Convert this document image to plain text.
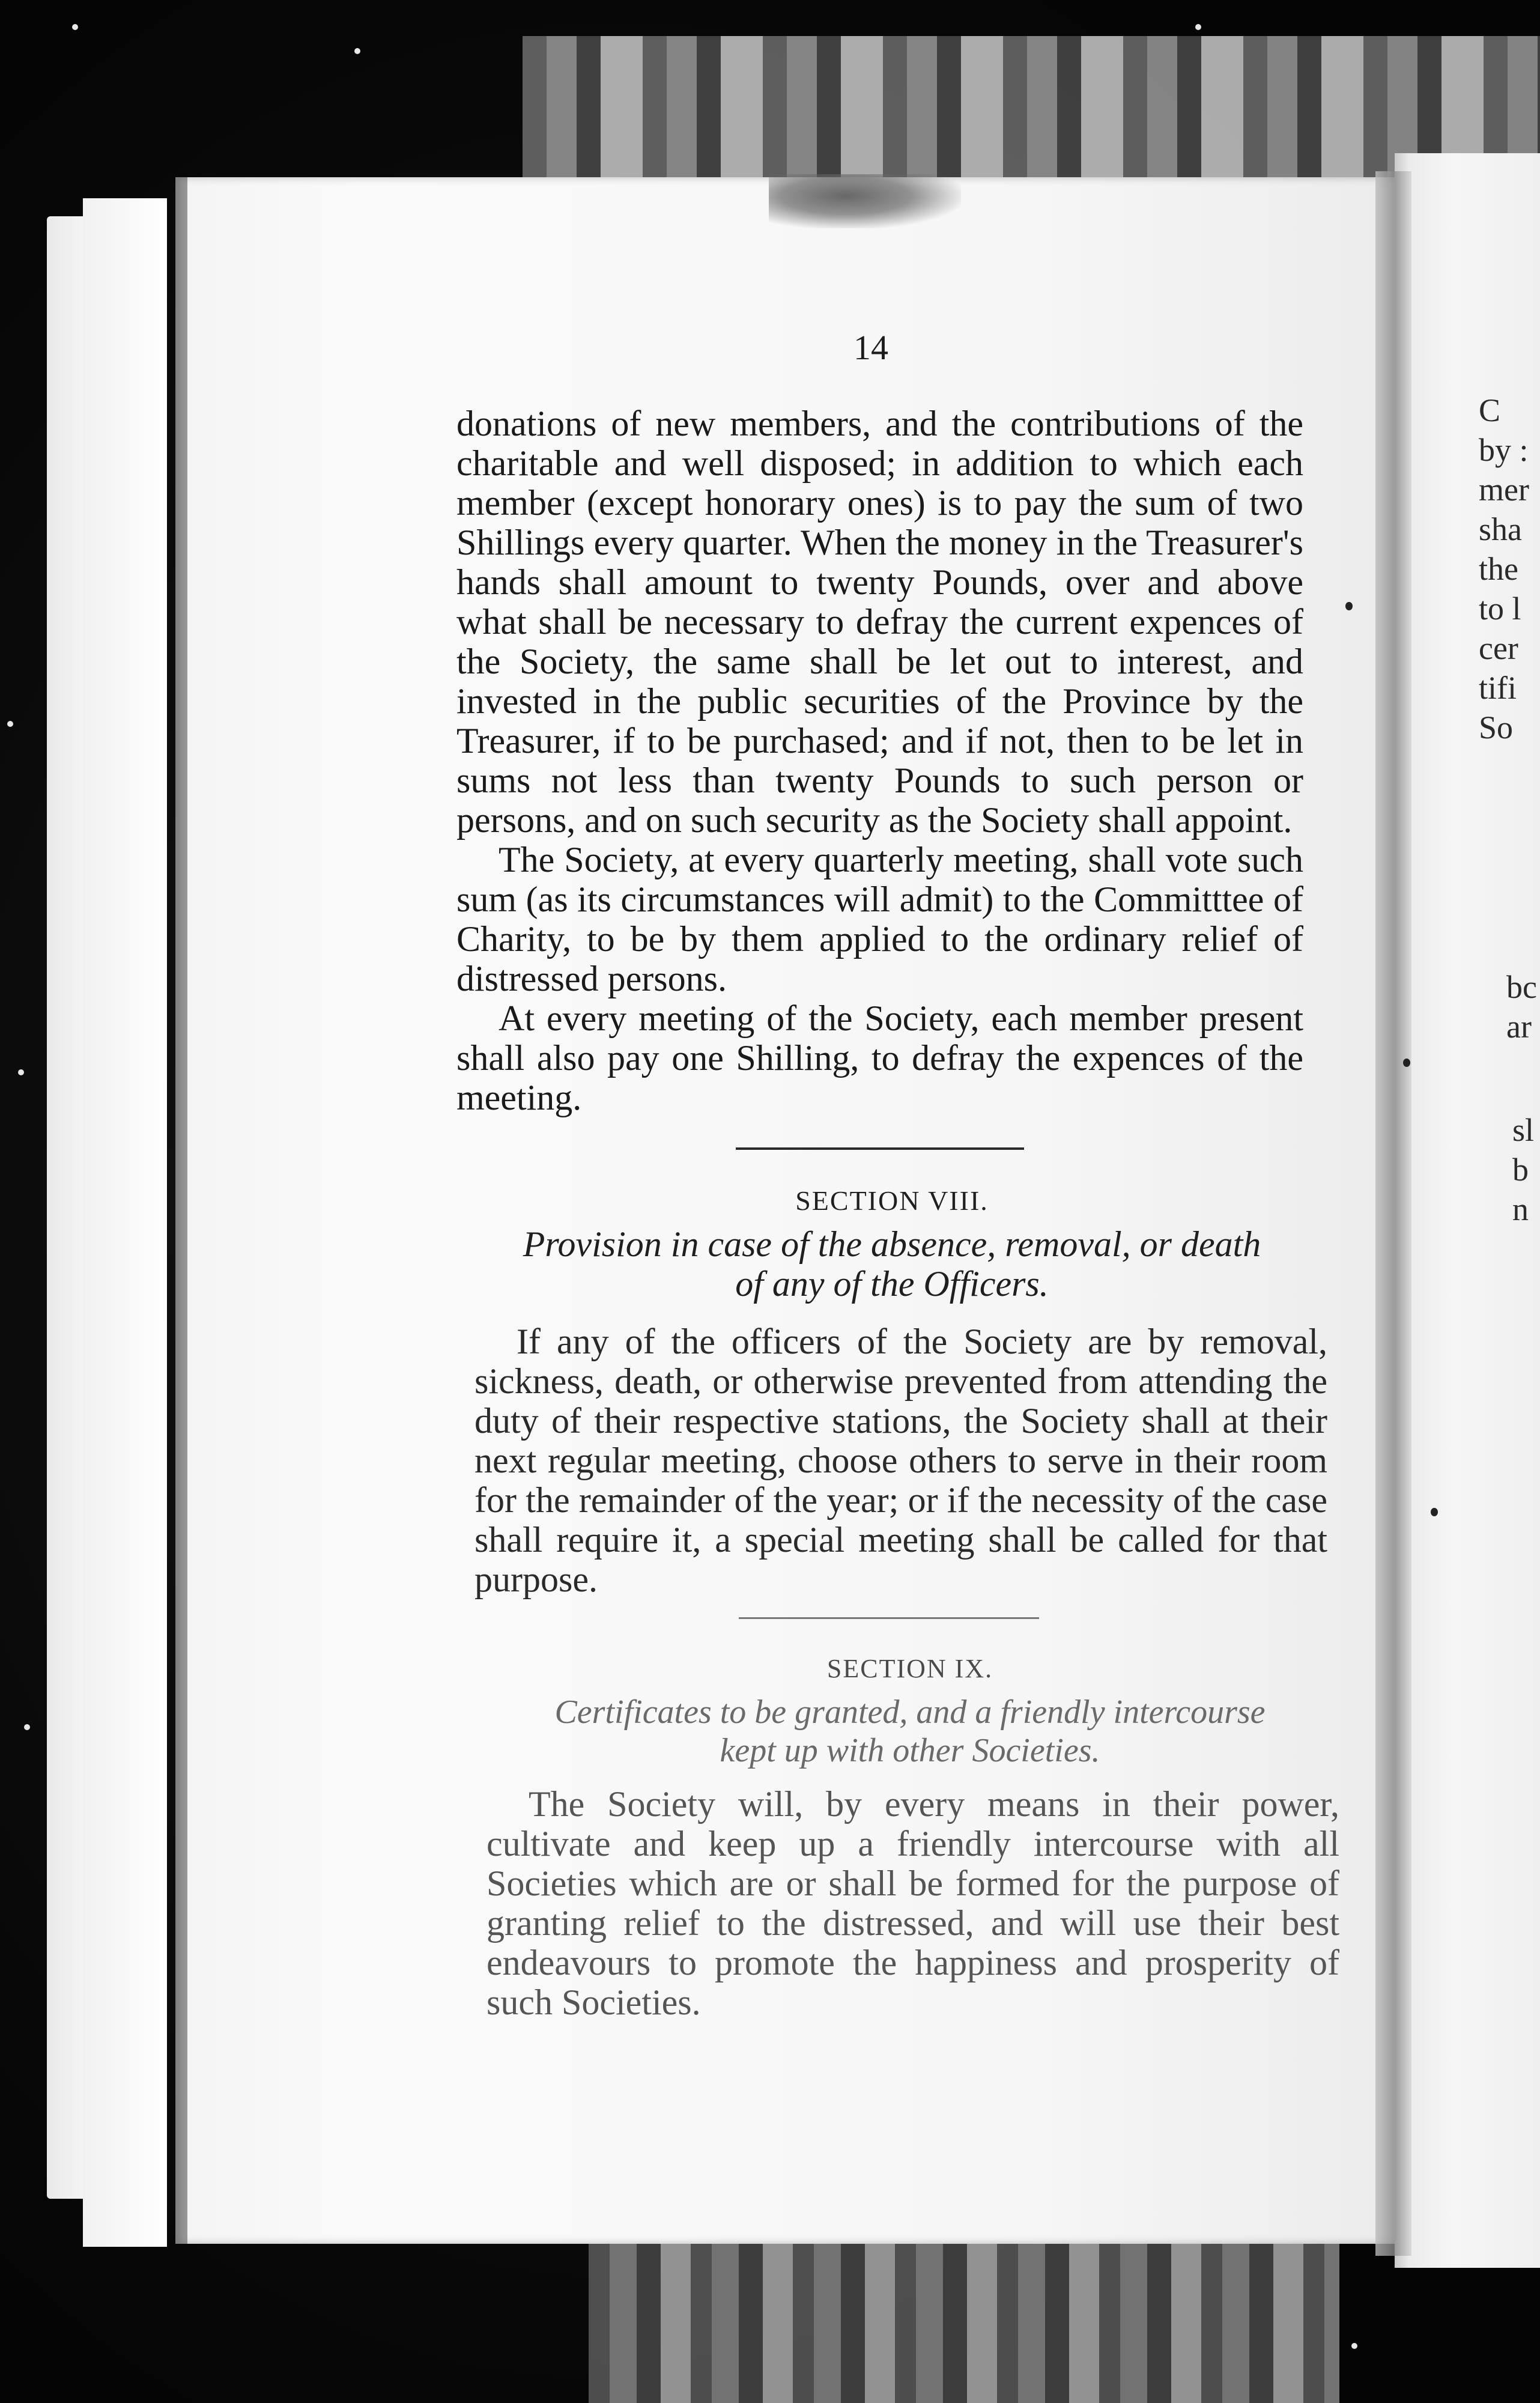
14

donations of new members, and the contributions of the charitable and well disposed; in addition to which each member (except honorary ones) is to pay the sum of two Shillings every quarter. When the money in the Treasurer's hands shall amount to twenty Pounds, over and above what shall be necessary to defray the current expences of the Society, the same shall be let out to interest, and invested in the public securities of the Province by the Treasurer, if to be purchased; and if not, then to be let in sums not less than twenty Pounds to such person or persons, and on such security as the Society shall appoint.

The Society, at every quarterly meeting, shall vote such sum (as its circumstances will admit) to the Committtee of Charity, to be by them applied to the ordinary relief of distressed persons.

At every meeting of the Society, each member present shall also pay one Shilling, to defray the expences of the meeting.

SECTION VIII.
Provision in case of the absence, removal, or death
of any of the Officers.

If any of the officers of the Society are by removal, sickness, death, or otherwise prevented from attending the duty of their respective stations, the Society shall at their next regular meeting, choose others to serve in their room for the remainder of the year; or if the necessity of the case shall require it, a special meeting shall be called for that purpose.

SECTION IX.
Certificates to be granted, and a friendly intercourse
kept up with other Societies.

The Society will, by every means in their power, cultivate and keep up a friendly intercourse with all Societies which are or shall be formed for the purpose of granting relief to the distressed, and will use their best endeavours to promote the happiness and prosperity of such Societies.

C
by :
mer
sha
the
to l
cer
tifi
So
bc
ar
sl
b
n
